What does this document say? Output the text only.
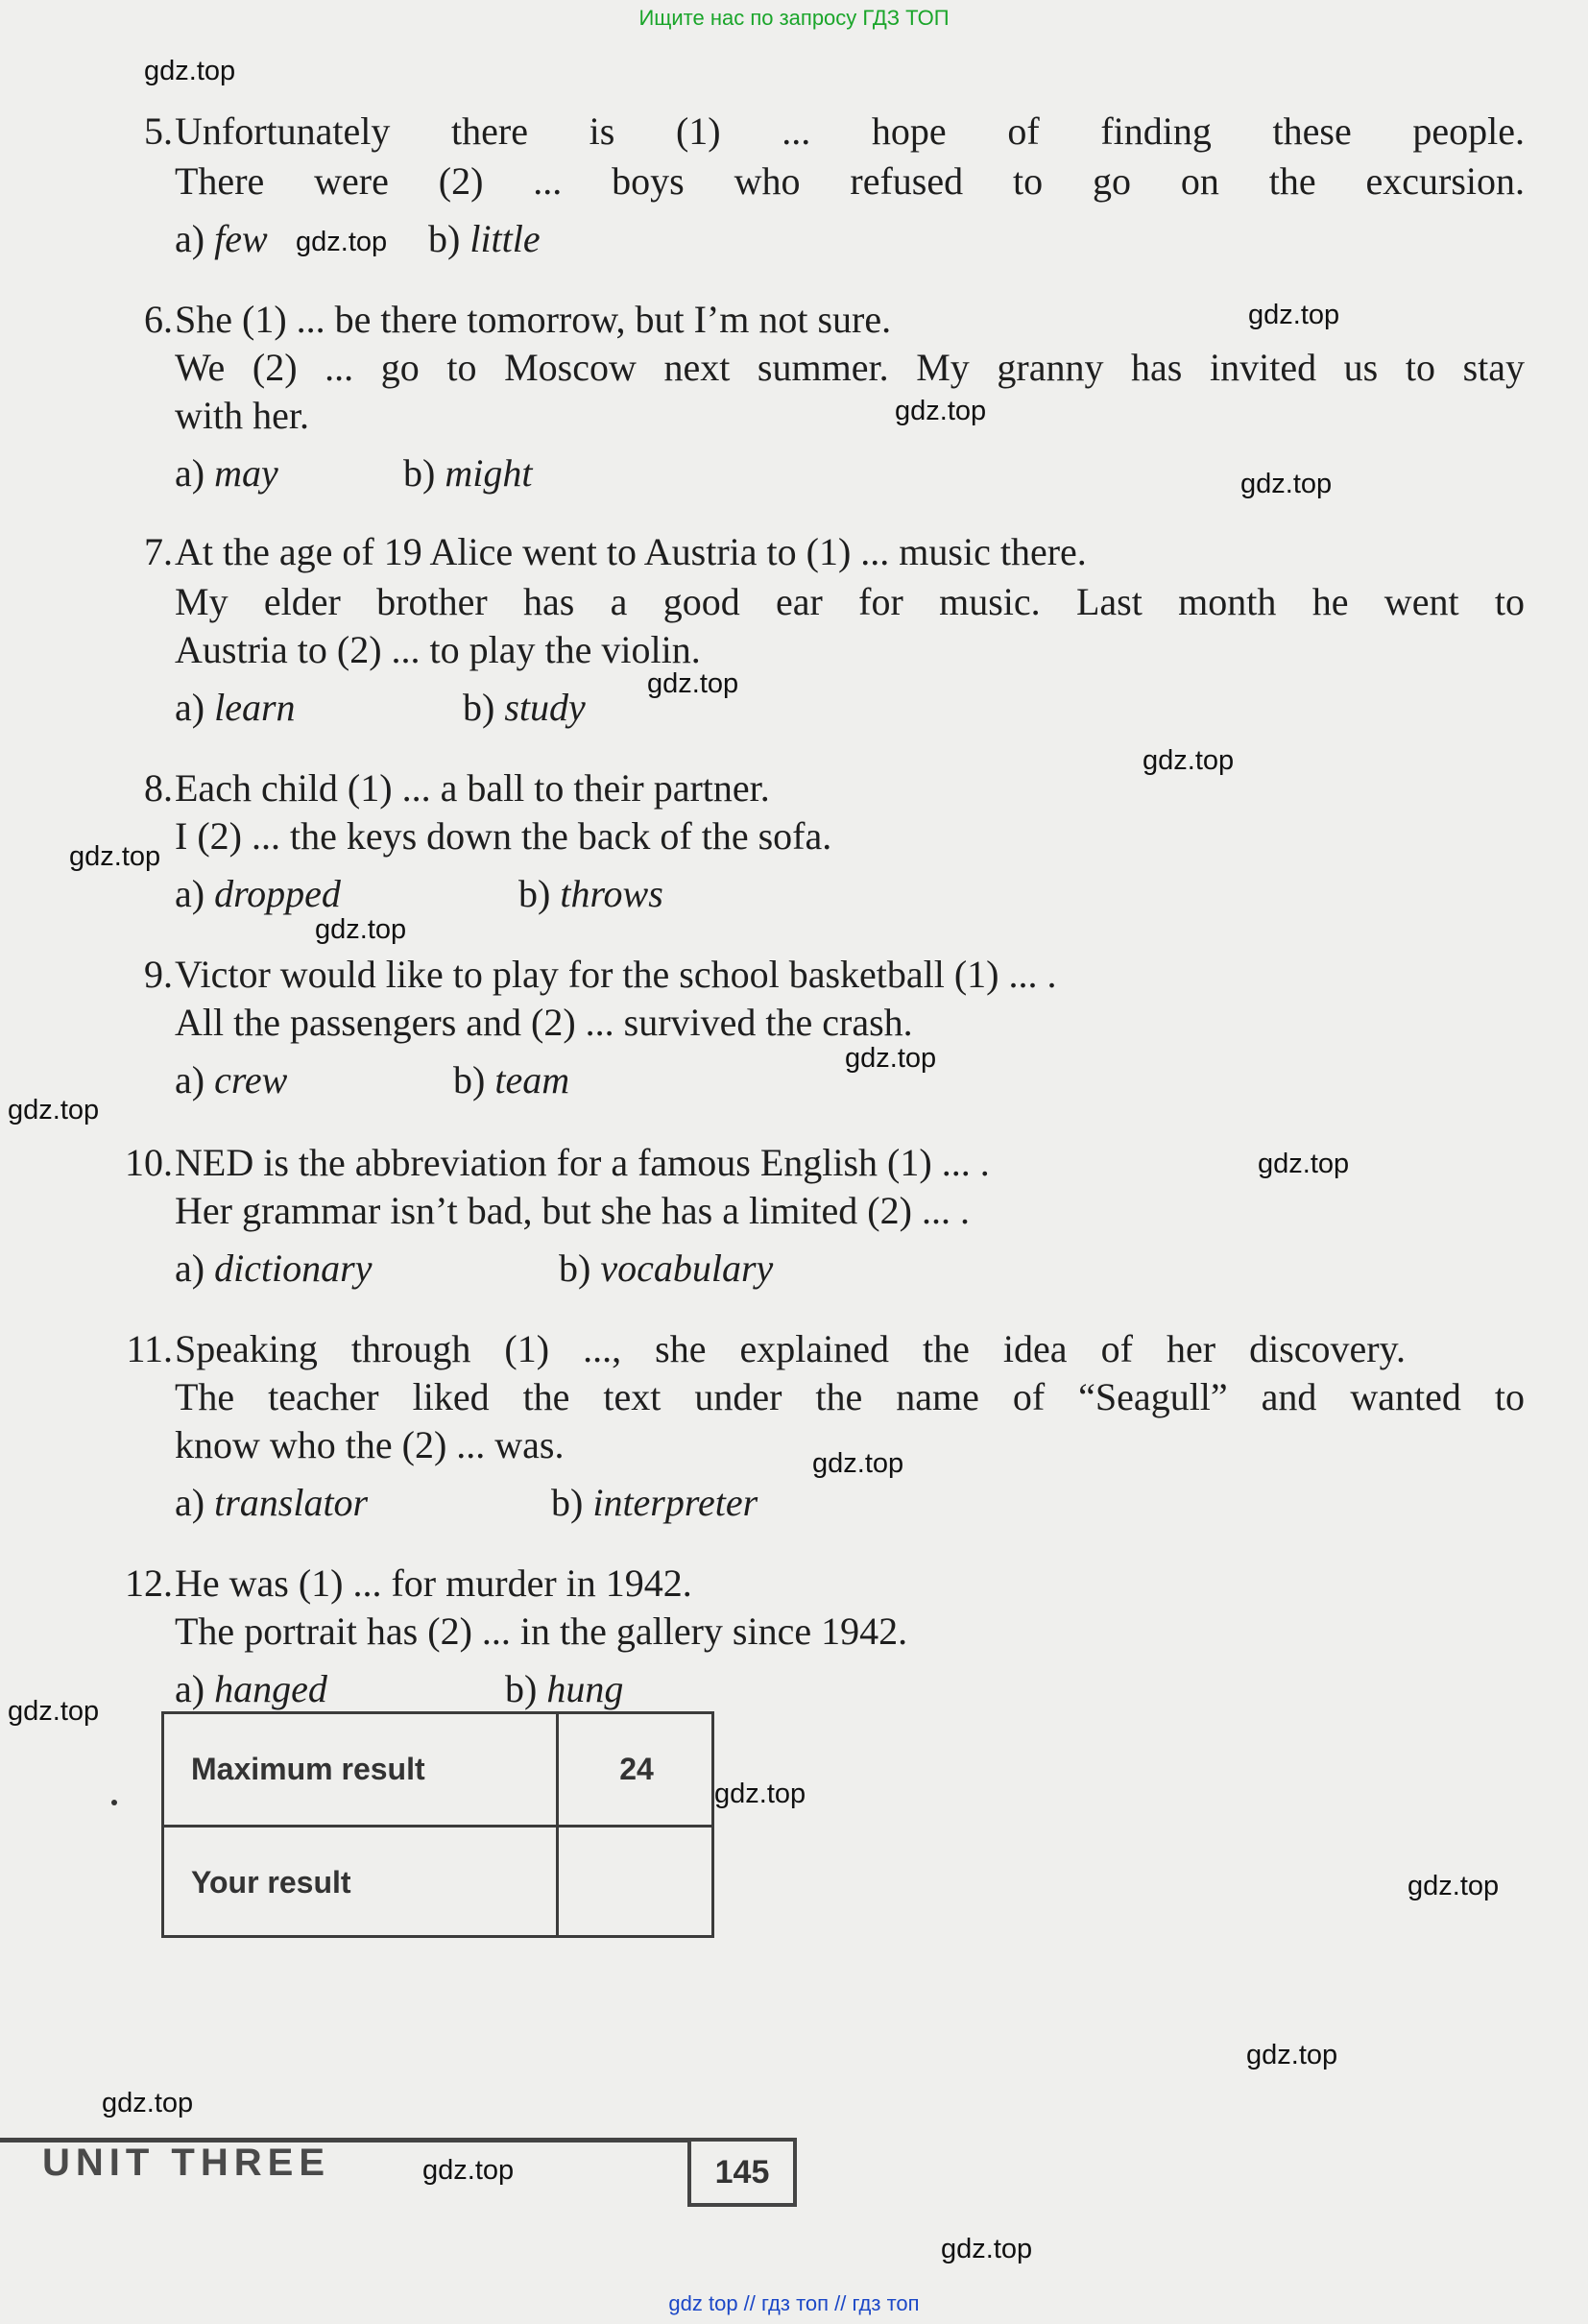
Ищите нас по запросу ГДЗ ТОП
5. Unfortunately there is (1) ... hope of finding these people.
There were (2) ... boys who refused to go on the excursion.
a) few	b) little
6. She (1) ... be there tomorrow, but I’m not sure.
We (2) ... go to Moscow next summer. My granny has invited us to stay
with her.
a) may	b) might
7. At the age of 19 Alice went to Austria to (1) ... music there.
My elder brother has a good ear for music. Last month he went to
Austria to (2) ... to play the violin.
a) learn	b) study
8. Each child (1) ... a ball to their partner.
I (2) ... the keys down the back of the sofa.
a) dropped	b) throws
9. Victor would like to play for the school basketball (1) ... .
All the passengers and (2) ... survived the crash.
a) crew	b) team
10. NED is the abbreviation for a famous English (1) ... .
Her grammar isn’t bad, but she has a limited (2) ... .
a) dictionary	b) vocabulary
11. Speaking through (1) ..., she explained the idea of her discovery.
The teacher liked the text under the name of “Seagull” and wanted to
know who the (2) ... was.
a) translator	b) interpreter
12. He was (1) ... for murder in 1942.
The portrait has (2) ... in the gallery since 1942.
a) hanged	b) hung
Maximum result	24
Your result
UNIT THREE	145
gdz.top
gdz.top
gdz.top
gdz.top
gdz.top
gdz.top
gdz.top
gdz.top
gdz.top
gdz.top
gdz.top
gdz.top
gdz.top
gdz.top
gdz.top
gdz.top
gdz.top
gdz.top
gdz.top
gdz.top
gdz top // гдз топ // гдз топ
